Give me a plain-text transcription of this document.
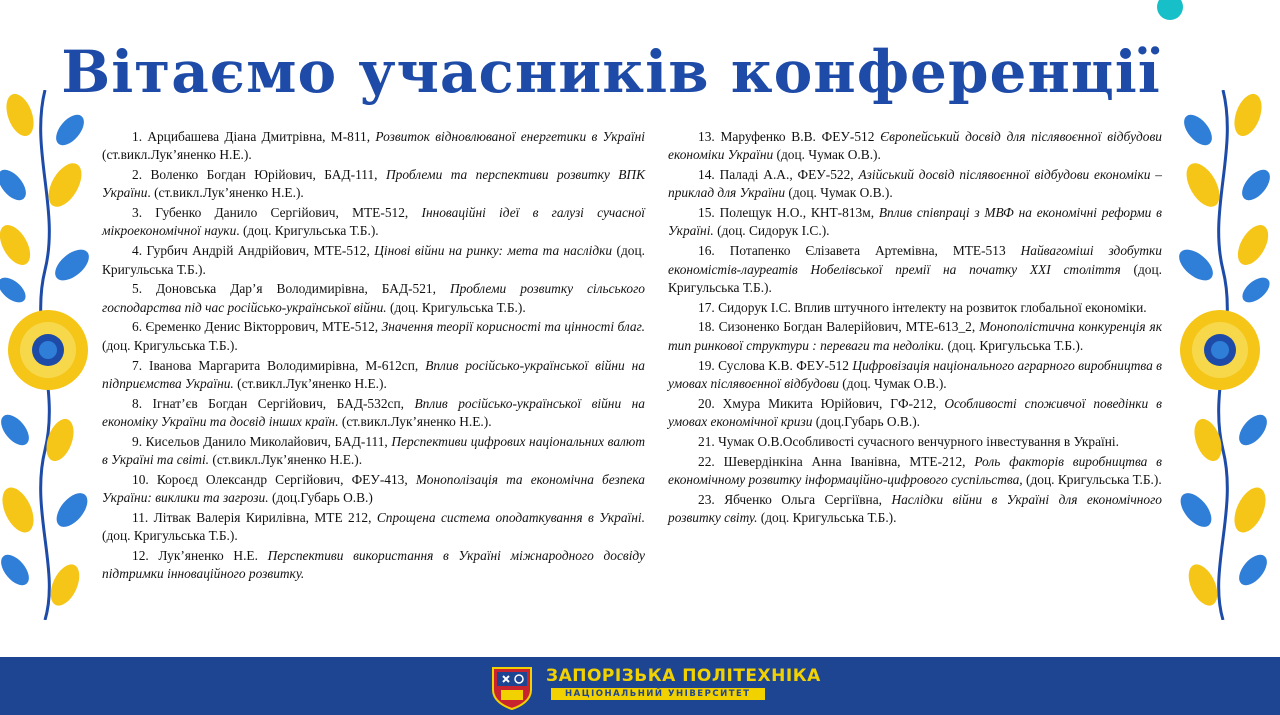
Вітаємо учасників конференції
1. Арцибашева Діана Дмитрівна, М-811, Розвиток відновлюваної енергетики в Україні (ст.викл.Лук’яненко Н.Е.).
2. Воленко Богдан Юрійович, БАД-111, Проблеми та перспективи розвитку ВПК України. (ст.викл.Лук’яненко Н.Е.).
3. Губенко Данило Сергійович, МТЕ-512, Інноваційні ідеї в галузі сучасної мікроекономічної науки. (доц. Кригульська Т.Б.).
4. Гурбич Андрій Андрійович, МТЕ-512, Цінові війни на ринку: мета та наслідки (доц. Кригульська Т.Б.).
5. Доновська Дар’я Володимирівна, БАД-521, Проблеми розвитку сільського господарства під час російсько-української війни. (доц. Кригульська Т.Б.).
6. Єременко Денис Вікторрович, МТЕ-512, Значення теорії корисності та цінності благ. (доц. Кригульська Т.Б.).
7. Іванова Маргарита Володимирівна, М-612сп, Вплив російсько-української війни на підприємства України. (ст.викл.Лук’яненко Н.Е.).
8. Ігнат’єв Богдан Сергійович, БАД-532сп, Вплив російсько-української війни на економіку України та досвід інших країн. (ст.викл.Лук’яненко Н.Е.).
9. Кисельов Данило Миколайович, БАД-111, Перспективи цифрових національних валют в Україні та світі. (ст.викл.Лук’яненко Н.Е.).
10. Короєд Олександр Сергійович, ФЕУ-413, Монополізація та економічна безпека України: виклики та загрози. (доц.Губарь О.В.)
11. Лiтвак Валерія Кирилівна, МТЕ 212, Спрощена система оподаткування в Україні. (доц. Кригульська Т.Б.).
12. Лук’яненко Н.Е. Перспективи використання в Україні міжнародного досвіду підтримки інноваційного розвитку.
13. Маруфенко В.В. ФЕУ-512 Європейський досвід для післявоєнної відбудови економіки України (доц. Чумак О.В.).
14. Паладі А.А., ФЕУ-522, Азійський досвід післявоєнної відбудови економіки – приклад для України (доц. Чумак О.В.).
15. Полещук Н.О., КНТ-813м, Вплив співпраці з МВФ на економічні реформи в Україні. (доц. Сидорук І.С.).
16. Потапенко Єлізавета Артемівна, МТЕ-513 Найвагоміші здобутки економістів-лауреатів Нобелівської премії на початку XXI століття (доц. Кригульська Т.Б.).
17. Сидорук І.С. Вплив штучного інтелекту на розвиток глобальної економіки.
18. Сизоненко Богдан Валерійович, МТЕ-613_2, Монополістична конкуренція як тип ринкової структури : переваги та недоліки. (доц. Кригульська Т.Б.).
19. Суслова К.В. ФЕУ-512 Цифровізація національного аграрного виробництва в умовах післявоєнної відбудови (доц. Чумак О.В.).
20. Хмура Микита Юрійович, ГФ-212, Особливості споживчої поведінки в умовах економічної кризи (доц.Губарь О.В.).
21. Чумак О.В.Особливості сучасного венчурного інвестування в Україні.
22. Шевердінкіна Анна Іванівна, МТЕ-212, Роль факторів виробництва в економічному розвитку інформаційно-цифрового суспільства, (доц. Кригульська Т.Б.).
23. Ябченко Ольга Сергіївна, Наслідки війни в Україні для економічного розвитку світу. (доц. Кригульська Т.Б.).
ЗАПОРІЗЬКА ПОЛІТЕХНІКА
НАЦІОНАЛЬНИЙ УНІВЕРСИТЕТ
